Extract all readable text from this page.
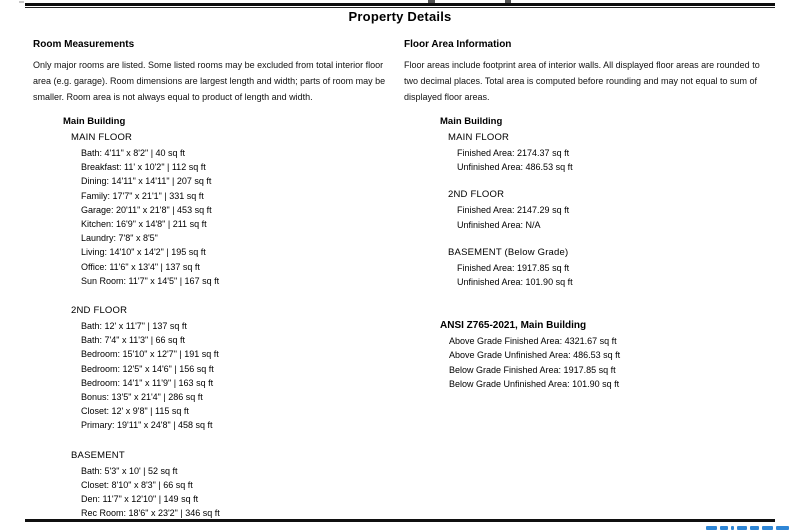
Property Details
Room Measurements

Only major rooms are listed. Some listed rooms may be excluded from total interior floor area (e.g. garage). Room dimensions are largest length and width; parts of room may be smaller. Room area is not always equal to product of length and width.

Main Building
MAIN FLOOR
Bath: 4'11" x 8'2" | 40 sq ft
Breakfast: 11' x 10'2" | 112 sq ft
Dining: 14'11" x 14'11" | 207 sq ft
Family: 17'7" x 21'1" | 331 sq ft
Garage: 20'11" x 21'8" | 453 sq ft
Kitchen: 16'9" x 14'8" | 211 sq ft
Laundry: 7'8" x 8'5"
Living: 14'10" x 14'2" | 195 sq ft
Office: 11'6" x 13'4" | 137 sq ft
Sun Room: 11'7" x 14'5" | 167 sq ft
2ND FLOOR
Bath: 12' x 11'7" | 137 sq ft
Bath: 7'4" x 11'3" | 66 sq ft
Bedroom: 15'10" x 12'7" | 191 sq ft
Bedroom: 12'5" x 14'6" | 156 sq ft
Bedroom: 14'1" x 11'9" | 163 sq ft
Bonus: 13'5" x 21'4" | 286 sq ft
Closet: 12' x 9'8" | 115 sq ft
Primary: 19'11" x 24'8" | 458 sq ft
BASEMENT
Bath: 5'3" x 10' | 52 sq ft
Closet: 8'10" x 8'3" | 66 sq ft
Den: 11'7" x 12'10" | 149 sq ft
Rec Room: 18'6" x 23'2" | 346 sq ft
Floor Area Information

Floor areas include footprint area of interior walls. All displayed floor areas are rounded to two decimal places. Total area is computed before rounding and may not equal to sum of displayed floor areas.

Main Building
MAIN FLOOR
Finished Area: 2174.37 sq ft
Unfinished Area: 486.53 sq ft
2ND FLOOR
Finished Area: 2147.29 sq ft
Unfinished Area: N/A
BASEMENT (Below Grade)
Finished Area: 1917.85 sq ft
Unfinished Area: 101.90 sq ft
ANSI Z765-2021, Main Building
Above Grade Finished Area: 4321.67 sq ft
Above Grade Unfinished Area: 486.53 sq ft
Below Grade Finished Area: 1917.85 sq ft
Below Grade Unfinished Area: 101.90 sq ft
